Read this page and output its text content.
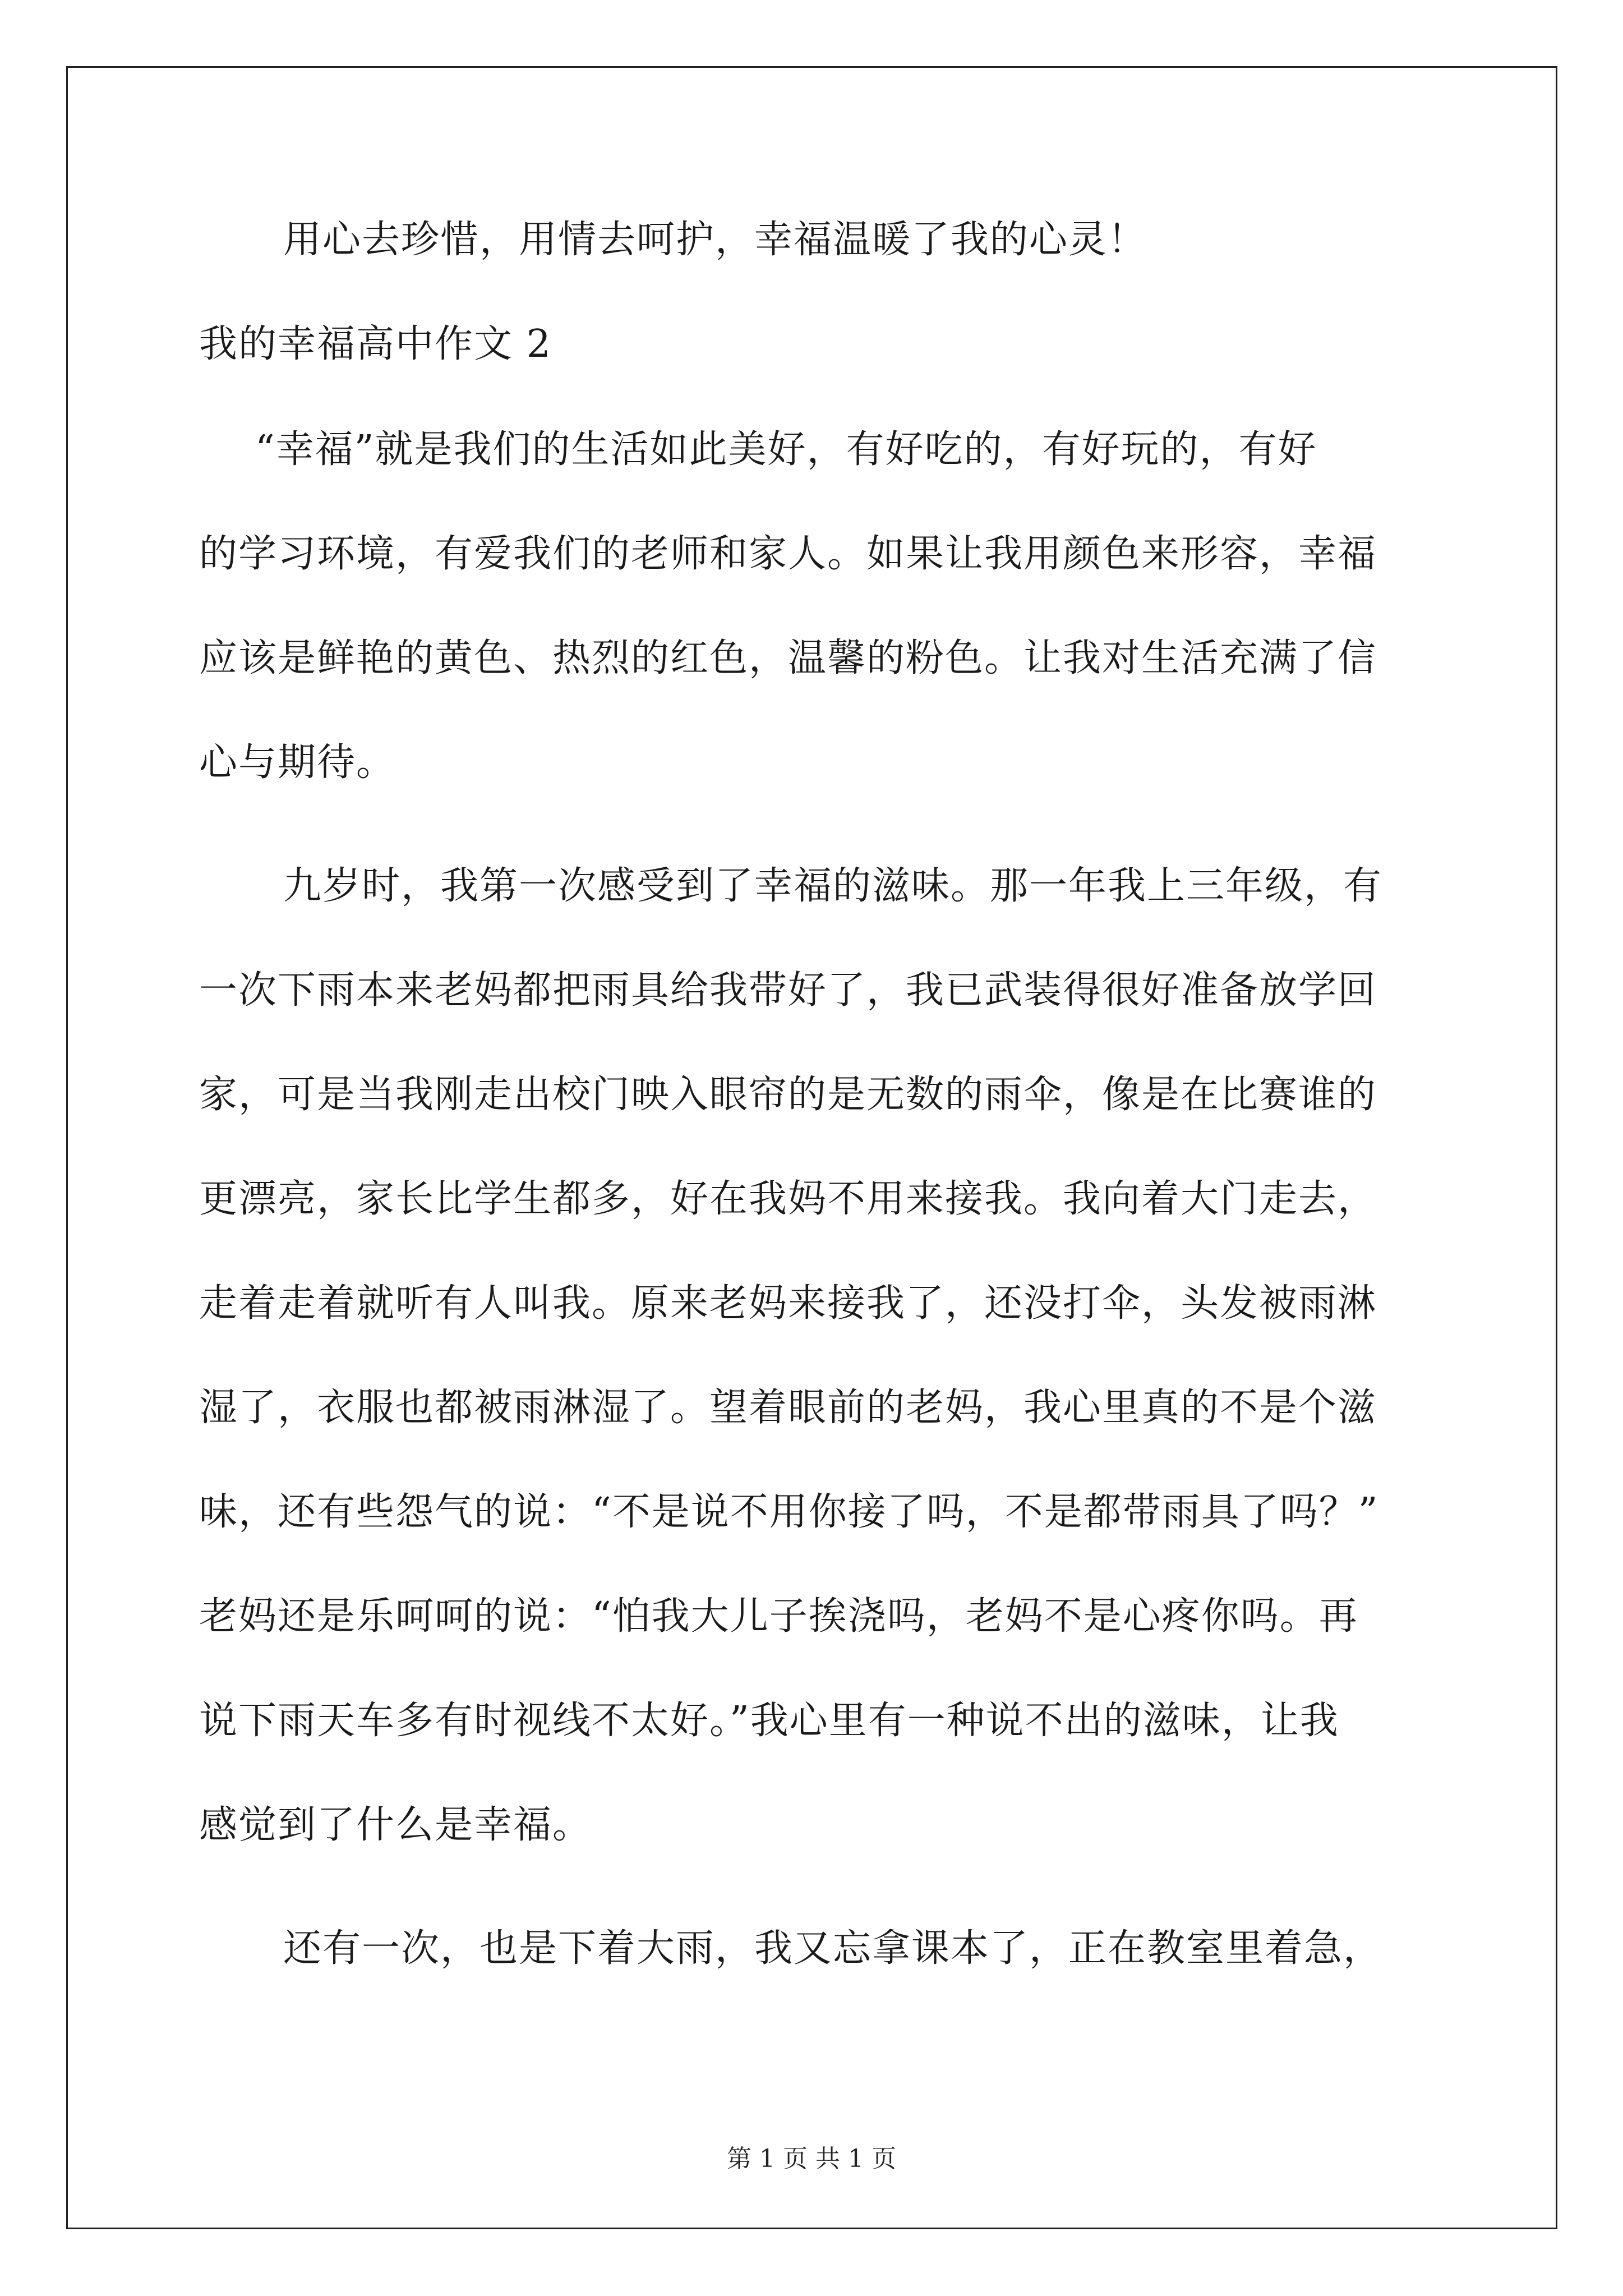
用心去珍惜，用情去呵护，幸福温暖了我的心灵！
我的幸福高中作文 2
“幸福”就是我们的生活如此美好，有好吃的，有好玩的，有好
的学习环境，有爱我们的老师和家人。如果让我用颜色来形容，幸福
应该是鲜艳的黄色、热烈的红色，温馨的粉色。让我对生活充满了信
心与期待。
九岁时，我第一次感受到了幸福的滋味。那一年我上三年级，有
一次下雨本来老妈都把雨具给我带好了，我已武装得很好准备放学回
家，可是当我刚走出校门映入眼帘的是无数的雨伞，像是在比赛谁的
更漂亮，家长比学生都多，好在我妈不用来接我。我向着大门走去，
走着走着就听有人叫我。原来老妈来接我了，还没打伞，头发被雨淋
湿了，衣服也都被雨淋湿了。望着眼前的老妈，我心里真的不是个滋
味，还有些怨气的说：“不是说不用你接了吗，不是都带雨具了吗？”
老妈还是乐呵呵的说：“怕我大儿子挨浇吗，老妈不是心疼你吗。再
说下雨天车多有时视线不太好。”我心里有一种说不出的滋味，让我
感觉到了什么是幸福。
还有一次，也是下着大雨，我又忘拿课本了，正在教室里着急，
第 1 页 共 1 页
